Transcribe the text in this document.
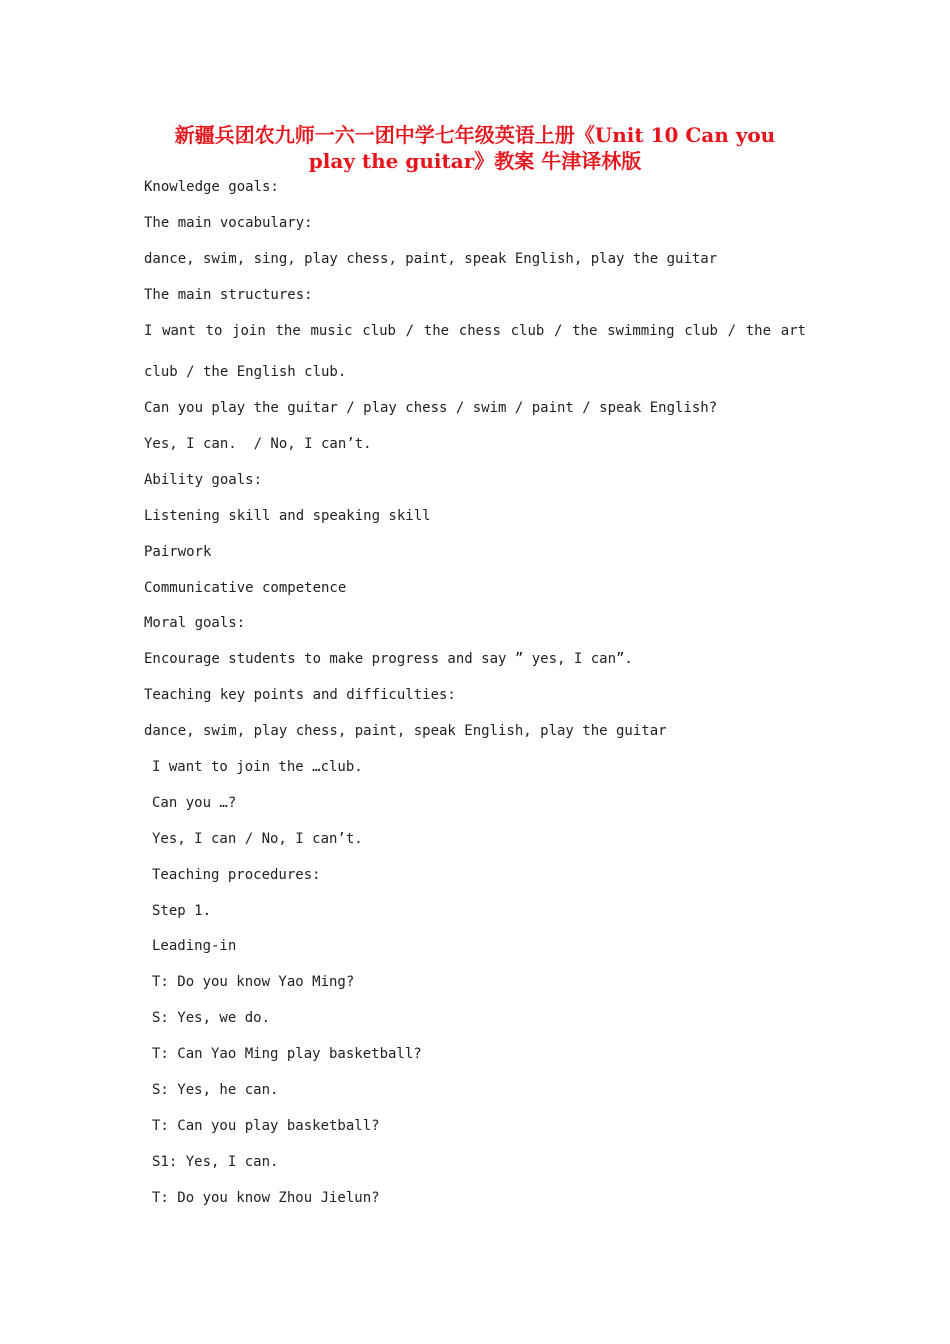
新疆兵团农九师一六一团中学七年级英语上册《Unit 10 Can you
play the guitar》教案 牛津译林版

Knowledge goals:

The main vocabulary:

dance, swim, sing, play chess, paint, speak English, play the guitar

The main structures:

I want to join the music club / the chess club / the swimming club / the art

club / the English club.

Can you play the guitar / play chess / swim / paint / speak English?

Yes, I can.  / No, I can’t.

Ability goals:

Listening skill and speaking skill

Pairwork

Communicative competence

Moral goals:

Encourage students to make progress and say ” yes, I can”.

Teaching key points and difficulties:

dance, swim, play chess, paint, speak English, play the guitar

I want to join the …club.

Can you …?

Yes, I can / No, I can’t.

Teaching procedures:

Step 1.

Leading-in

T: Do you know Yao Ming?

S: Yes, we do.

T: Can Yao Ming play basketball?

S: Yes, he can.

T: Can you play basketball?

S1: Yes, I can.

T: Do you know Zhou Jielun?
